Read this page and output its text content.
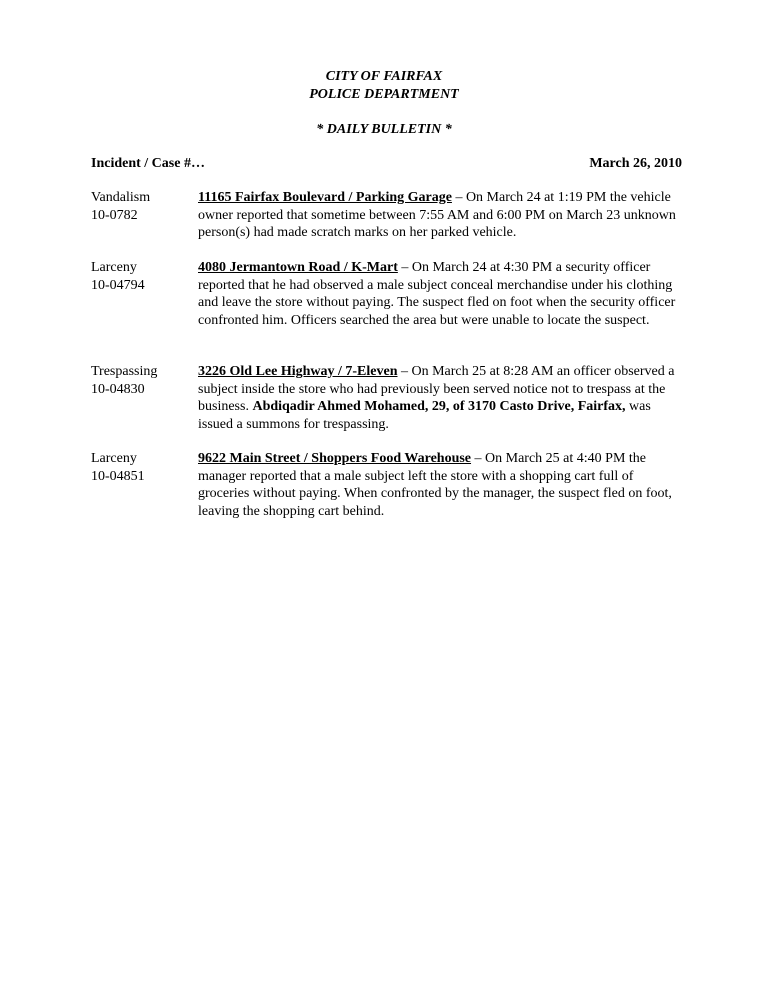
CITY OF FAIRFAX
POLICE DEPARTMENT
* DAILY BULLETIN *
Incident / Case #…	March 26, 2010
Vandalism
10-0782
11165 Fairfax Boulevard / Parking Garage – On March 24 at 1:19 PM the vehicle owner reported that sometime between 7:55 AM and 6:00 PM on March 23 unknown person(s) had made scratch marks on her parked vehicle.
Larceny
10-04794
4080 Jermantown Road / K-Mart – On March 24 at 4:30 PM a security officer reported that he had observed a male subject conceal merchandise under his clothing and leave the store without paying. The suspect fled on foot when the security officer confronted him. Officers searched the area but were unable to locate the suspect.
Trespassing
10-04830
3226 Old Lee Highway / 7-Eleven – On March 25 at 8:28 AM an officer observed a subject inside the store who had previously been served notice not to trespass at the business. Abdiqadir Ahmed Mohamed, 29, of 3170 Casto Drive, Fairfax, was issued a summons for trespassing.
Larceny
10-04851
9622 Main Street / Shoppers Food Warehouse – On March 25 at 4:40 PM the manager reported that a male subject left the store with a shopping cart full of groceries without paying. When confronted by the manager, the suspect fled on foot, leaving the shopping cart behind.
